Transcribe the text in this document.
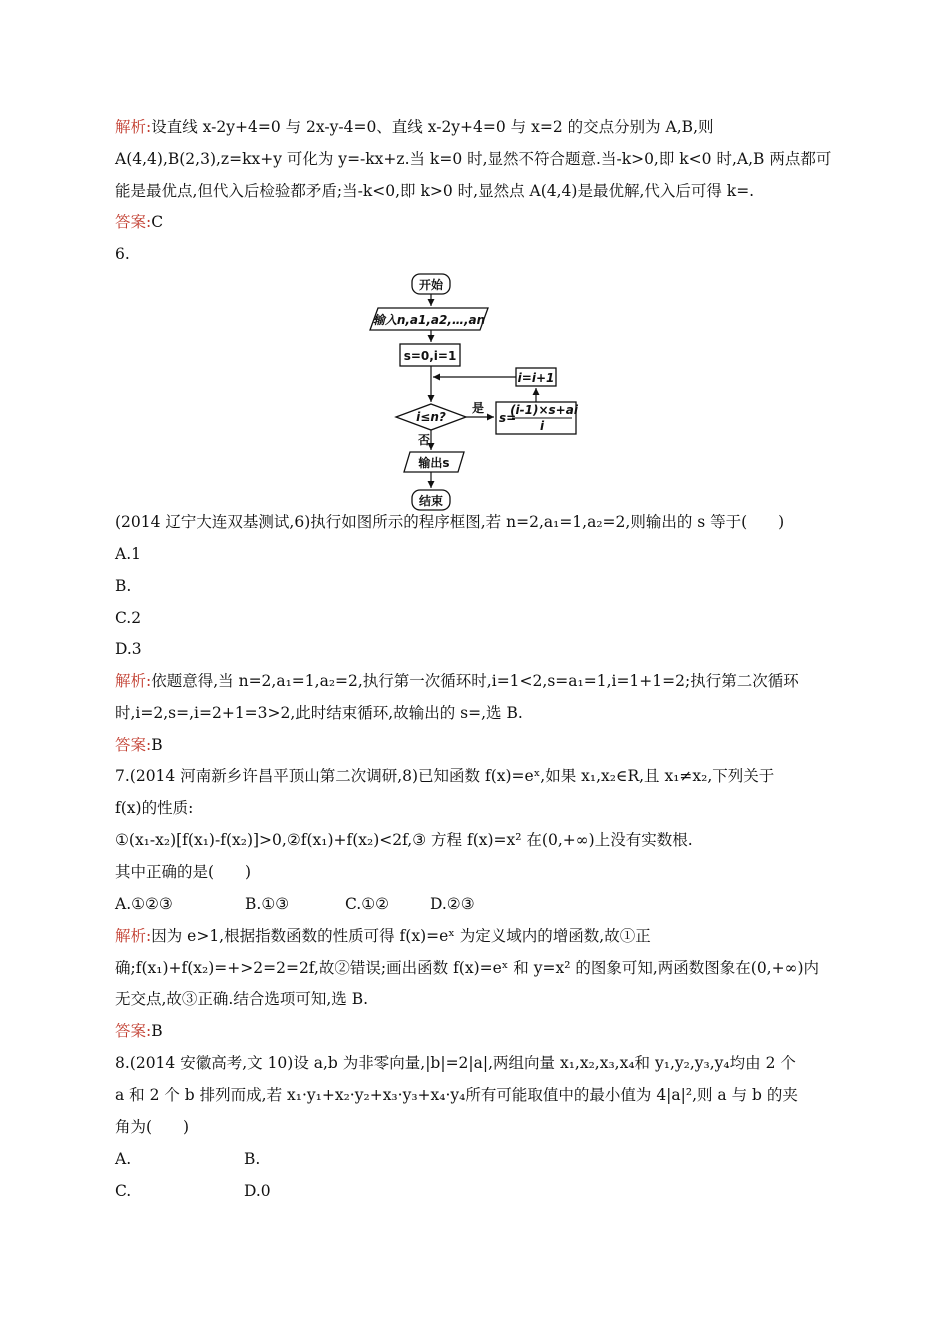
解析:设直线 x-2y+4=0 与 2x-y-4=0、直线 x-2y+4=0 与 x=2 的交点分别为 A,B,则
A(4,4),B(2,3),z=kx+y 可化为 y=-kx+z.当 k=0 时,显然不符合题意.当-k>0,即 k<0 时,A,B 两点都可
能是最优点,但代入后检验都矛盾;当-k<0,即 k>0 时,显然点 A(4,4)是最优解,代入后可得 k=.
答案:C
6.
开始
输入n,a1,a2,…,an
s=0,i=1
i=i+1
i≤n?
是
s=
(i-1)×s+ai
i
否
输出s
结束
(2014 辽宁大连双基测试,6)执行如图所示的程序框图,若 n=2,a₁=1,a₂=2,则输出的 s 等于(　　)
A.1
B.
C.2
D.3
解析:依题意得,当 n=2,a₁=1,a₂=2,执行第一次循环时,i=1<2,s=a₁=1,i=1+1=2;执行第二次循环
时,i=2,s=,i=2+1=3>2,此时结束循环,故输出的 s=,选 B.
答案:B
7.(2014 河南新乡许昌平顶山第二次调研,8)已知函数 f(x)=eˣ,如果 x₁,x₂∈R,且 x₁≠x₂,下列关于
f(x)的性质:
①(x₁-x₂)[f(x₁)-f(x₂)]>0,②f(x₁)+f(x₂)<2f,③ 方程 f(x)=x² 在(0,+∞)上没有实数根.
其中正确的是(　　)
A.①②③	B.①③	C.①②	D.②③
解析:因为 e>1,根据指数函数的性质可得 f(x)=eˣ 为定义域内的增函数,故①正
确;f(x₁)+f(x₂)=+>2=2=2f,故②错误;画出函数 f(x)=eˣ 和 y=x² 的图象可知,两函数图象在(0,+∞)内
无交点,故③正确.结合选项可知,选 B.
答案:B
8.(2014 安徽高考,文 10)设 a,b 为非零向量,|b|=2|a|,两组向量 x₁,x₂,x₃,x₄和 y₁,y₂,y₃,y₄均由 2 个
a 和 2 个 b 排列而成,若 x₁·y₁+x₂·y₂+x₃·y₃+x₄·y₄所有可能取值中的最小值为 4|a|²,则 a 与 b 的夹
角为(　　)
A.	B.
C.	D.0
